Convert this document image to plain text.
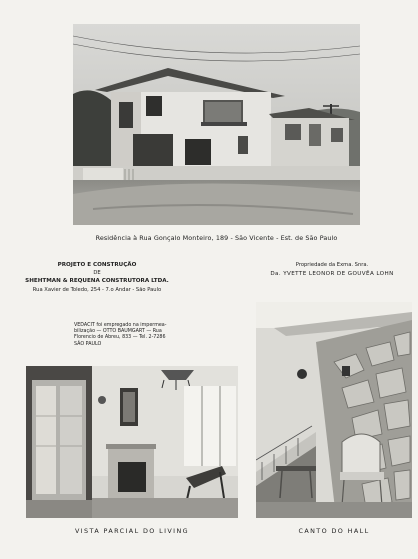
Residência à Rua Gonçalo Monteiro, 189 - São Vicente - Est. de São Paulo
PROJETO E CONSTRUÇÃO
DE
SHEHTMAN & REQUENA CONSTRUTORA LTDA.
Rua Xavier de Toledo, 254 - 7.o Andar - São Paulo
Propriedade da Exma. Snra.
Da. YVETTE LEONOR DE GOUVÊA LOHN
VEDACIT foi empregado na impermea-
bilização — OTTO BAUMGART — Rua
Florencio de Abreu, 833 — Tel. 2-7286
SÃO PAULO
VISTA PARCIAL DO LIVING	CANTO DO HALL
